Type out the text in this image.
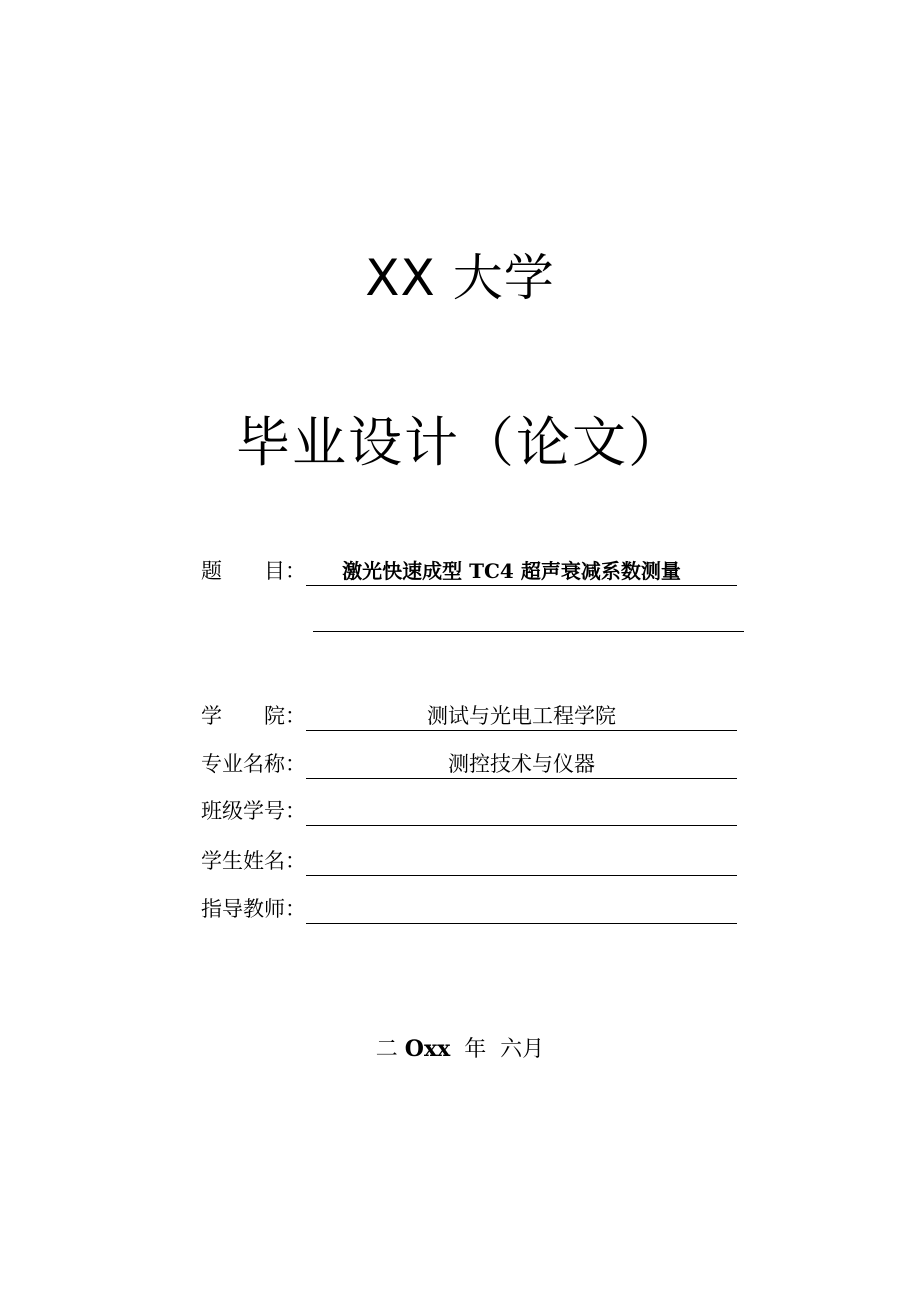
XX 大学
毕业设计（论文）
题　　目： 激光快速成型 TC4 超声衰减系数测量
学　　院：	测试与光电工程学院
专业名称：	测控技术与仪器
班级学号：
学生姓名：
指导教师：
二 Oxx  年  六月
